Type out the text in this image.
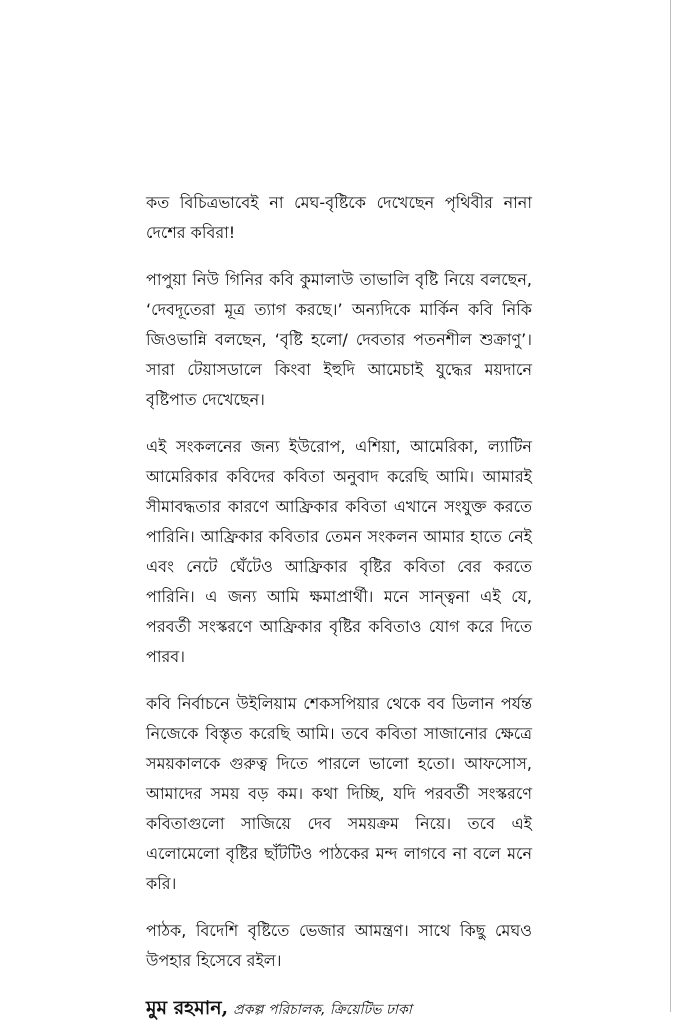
কত বিচিত্রভাবেই না মেঘ-বৃষ্টিকে দেখেছেন পৃথিবীর নানা দেশের কবিরা!

পাপুয়া নিউ গিনির কবি কুমালাউ তাভালি বৃষ্টি নিয়ে বলছেন, ‘দেবদূতেরা মূত্র ত্যাগ করছে।’ অন্যদিকে মার্কিন কবি নিকি জিওভান্নি বলছেন, ‘বৃষ্টি হলো/ দেবতার পতনশীল শুক্রাণু’। সারা টেয়াসডালে কিংবা ইহুদি আমেচাই যুদ্ধের ময়দানে বৃষ্টিপাত দেখেছেন।

এই সংকলনের জন্য ইউরোপ, এশিয়া, আমেরিকা, ল্যাটিন আমেরিকার কবিদের কবিতা অনুবাদ করেছি আমি। আমারই সীমাবদ্ধতার কারণে আফ্রিকার কবিতা এখানে সংযুক্ত করতে পারিনি। আফ্রিকার কবিতার তেমন সংকলন আমার হাতে নেই এবং নেটে ঘেঁটেও আফ্রিকার বৃষ্টির কবিতা বের করতে পারিনি। এ জন্য আমি ক্ষমাপ্রার্থী। মনে সান্ত্বনা এই যে, পরবর্তী সংস্করণে আফ্রিকার বৃষ্টির কবিতাও যোগ করে দিতে পারব।

কবি নির্বাচনে উইলিয়াম শেকসপিয়ার থেকে বব ডিলান পর্যন্ত নিজেকে বিস্তৃত করেছি আমি। তবে কবিতা সাজানোর ক্ষেত্রে সময়কালকে গুরুত্ব দিতে পারলে ভালো হতো। আফসোস, আমাদের সময় বড় কম। কথা দিচ্ছি, যদি পরবর্তী সংস্করণে কবিতাগুলো সাজিয়ে দেব সময়ক্রম নিয়ে। তবে এই এলোমেলো বৃষ্টির ছাঁটটিও পাঠকের মন্দ লাগবে না বলে মনে করি।

পাঠক, বিদেশি বৃষ্টিতে ভেজার আমন্ত্রণ। সাথে কিছু মেঘও উপহার হিসেবে রইল।

মুম রহমান, প্রকল্প পরিচালক, ক্রিয়েটিভ ঢাকা
